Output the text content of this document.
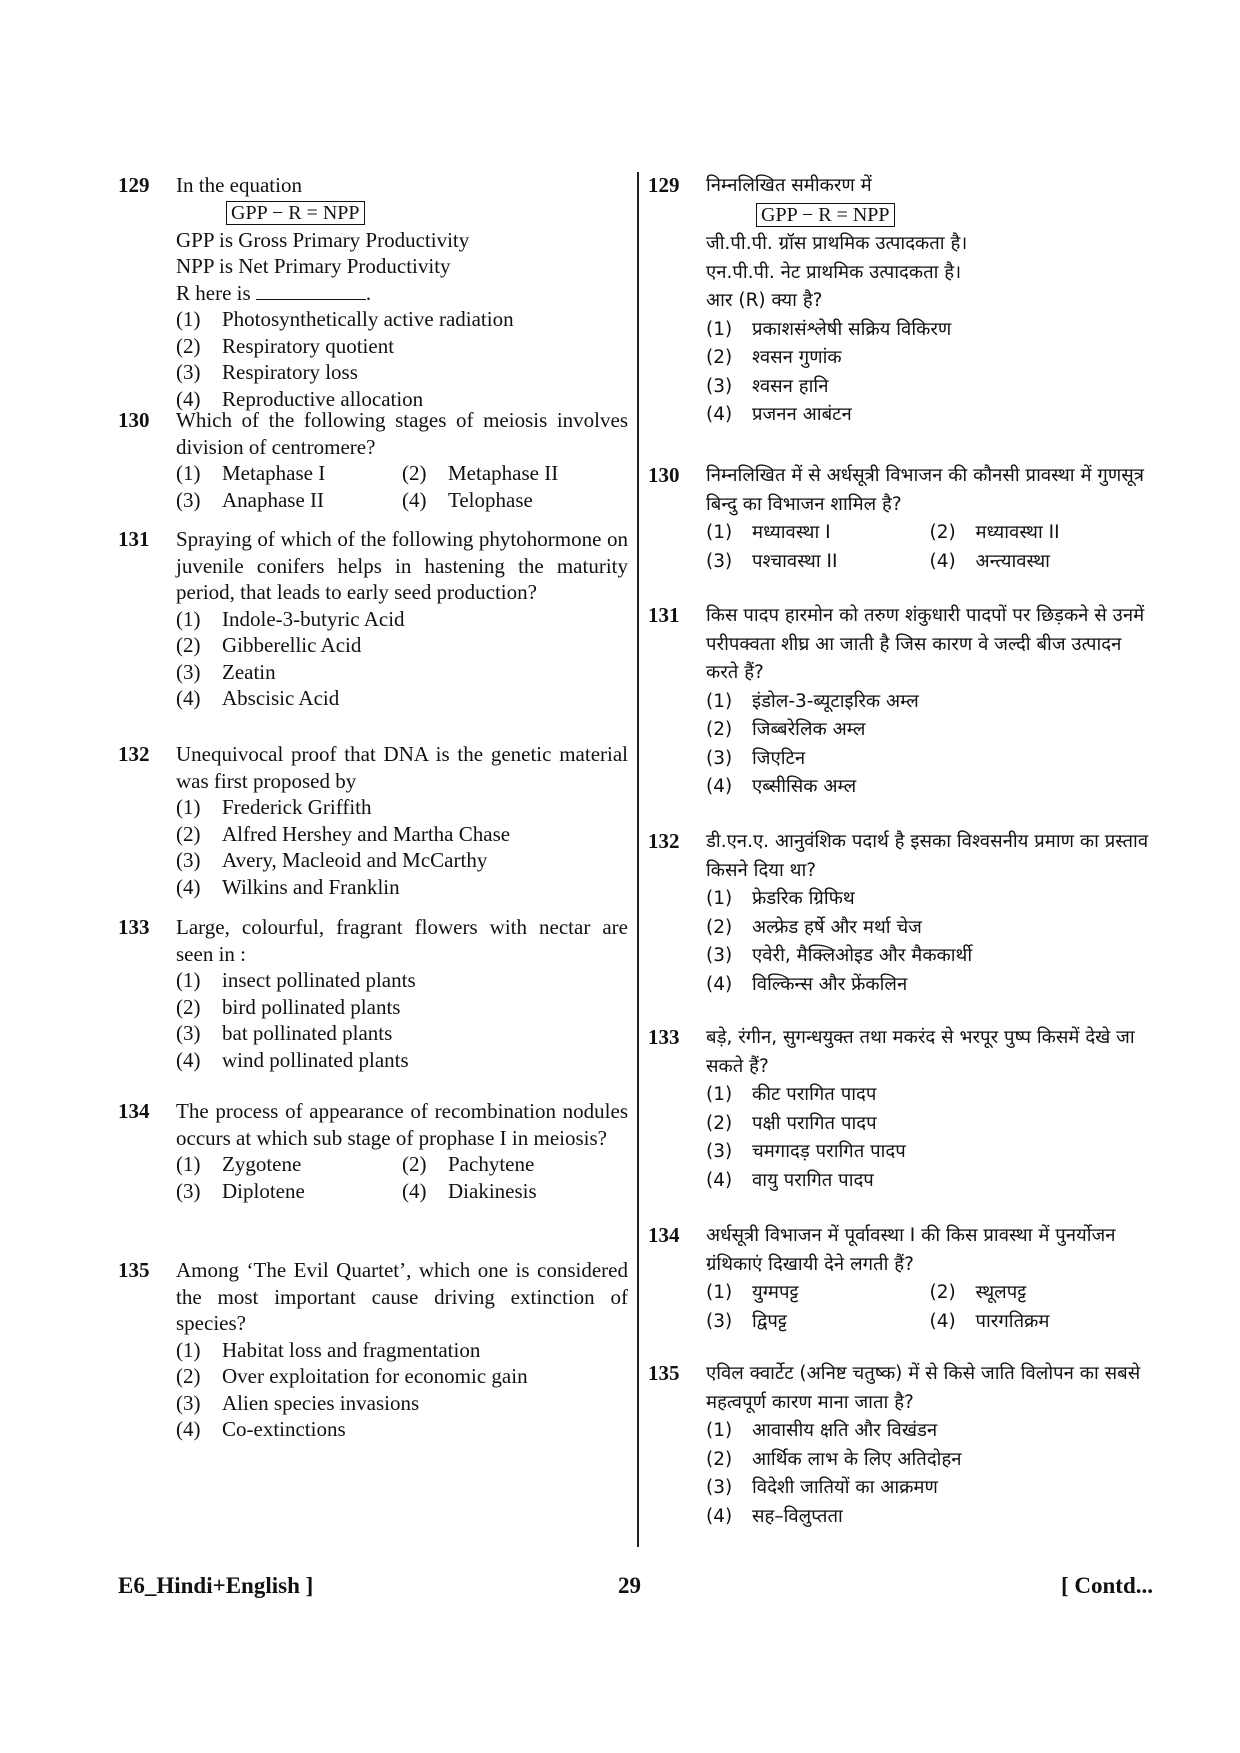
129 In the equation
GPP − R = NPP
GPP is Gross Primary Productivity
NPP is Net Primary Productivity
R here is	.
(1)	Photosynthetically active radiation
(2)	Respiratory quotient
(3)	Respiratory loss
(4)	Reproductive allocation
130 Which of the following stages of meiosis involves division of centromere?
(1)	Metaphase I	(2)	Metaphase II
(3)	Anaphase II	(4)	Telophase
131 Spraying of which of the following phytohormone on juvenile conifers helps in hastening the maturity period, that leads to early seed production?
(1)	Indole-3-butyric Acid
(2)	Gibberellic Acid
(3)	Zeatin
(4)	Abscisic Acid
132 Unequivocal proof that DNA is the genetic material was first proposed by
(1)	Frederick Griffith
(2)	Alfred Hershey and Martha Chase
(3)	Avery, Macleoid and McCarthy
(4)	Wilkins and Franklin
133 Large, colourful, fragrant flowers with nectar are seen in :
(1)	insect pollinated plants
(2)	bird pollinated plants
(3)	bat pollinated plants
(4)	wind pollinated plants
134 The process of appearance of recombination nodules occurs at which sub stage of prophase I in meiosis?
(1)	Zygotene	(2)	Pachytene
(3)	Diplotene	(4)	Diakinesis
135 Among ‘The Evil Quartet’, which one is considered the most important cause driving extinction of species?
(1)	Habitat loss and fragmentation
(2)	Over exploitation for economic gain
(3)	Alien species invasions
(4)	Co-extinctions
129 निम्नलिखित समीकरण में
GPP − R = NPP
जी.पी.पी. ग्रॉस प्राथमिक उत्पादकता है।
एन.पी.पी. नेट प्राथमिक उत्पादकता है।
आर (R) क्या है?
(1)	प्रकाशसंश्लेषी सक्रिय विकिरण
(2)	श्वसन गुणांक
(3)	श्वसन हानि
(4)	प्रजनन आबंटन
130 निम्नलिखित में से अर्धसूत्री विभाजन की कौनसी प्रावस्था में गुणसूत्र बिन्दु का विभाजन शामिल है?
(1)	मध्यावस्था I	(2)	मध्यावस्था II
(3)	पश्चावस्था II	(4)	अन्त्यावस्था
131 किस पादप हारमोन को तरुण शंकुधारी पादपों पर छिड़कने से उनमें परीपक्वता शीघ्र आ जाती है जिस कारण वे जल्दी बीज उत्पादन करते हैं?
(1)	इंडोल-3-ब्यूटाइरिक अम्ल
(2)	जिब्बरेलिक अम्ल
(3)	जिएटिन
(4)	एब्सीसिक अम्ल
132 डी.एन.ए. आनुवंशिक पदार्थ है इसका विश्वसनीय प्रमाण का प्रस्ताव किसने दिया था?
(1)	फ्रेडरिक ग्रिफिथ
(2)	अल्फ्रेड हर्षे और मर्था चेज
(3)	एवेरी, मैक्लिओइड और मैककार्थी
(4)	विल्किन्स और फ्रेंकलिन
133 बड़े, रंगीन, सुगन्धयुक्त तथा मकरंद से भरपूर पुष्प किसमें देखे जा सकते हैं?
(1)	कीट परागित पादप
(2)	पक्षी परागित पादप
(3)	चमगादड़ परागित पादप
(4)	वायु परागित पादप
134 अर्धसूत्री विभाजन में पूर्वावस्था I की किस प्रावस्था में पुनर्योजन ग्रंथिकाएं दिखायी देने लगती हैं?
(1)	युग्मपट्ट	(2)	स्थूलपट्ट
(3)	द्विपट्ट	(4)	पारगतिक्रम
135 एविल क्वार्टेट (अनिष्ट चतुष्क) में से किसे जाति विलोपन का सबसे महत्वपूर्ण कारण माना जाता है?
(1)	आवासीय क्षति और विखंडन
(2)	आर्थिक लाभ के लिए अतिदोहन
(3)	विदेशी जातियों का आक्रमण
(4)	सह–विलुप्तता
E6_Hindi+English ]	29	[ Contd...
